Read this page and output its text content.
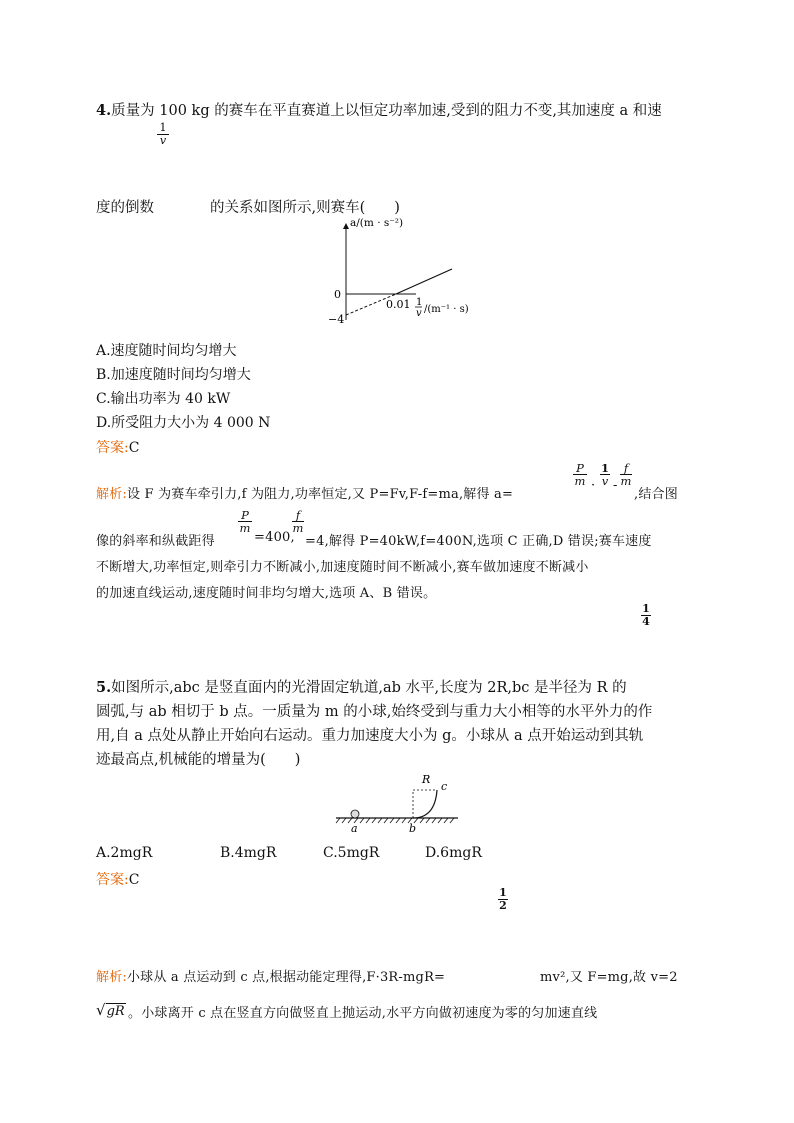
4.质量为 100 kg 的赛车在平直赛道上以恒定功率加速,受到的阻力不变,其加速度 a 和速
$\frac{1}{v}$
度的倒数	的关系如图所示,则赛车(　　)
a/(m · s⁻²)
0
−4
0.01 1
v /(m⁻¹ · s)
A.速度随时间均匀增大
B.加速度随时间均匀增大
C.输出功率为 40 kW
D.所受阻力大小为 4 000 N
答案:C
解析:设 F 为赛车牵引力,f 为阻力,功率恒定,又 P=Fv,F-f=ma,解得 a=
$\frac{P}{m} \cdot \frac{1}{v} - \frac{f}{m}$
,结合图
像的斜率和纵截距得
$\frac{P}{m}$
=400,
$\frac{f}{m}$
=4,解得 P=40kW,f=400N,选项 C 正确,D 错误;赛车速度
不断增大,功率恒定,则牵引力不断减小,加速度随时间不断减小,赛车做加速度不断减小
的加速直线运动,速度随时间非均匀增大,选项 A、B 错误。
$\frac{1}{4}$
5.如图所示,abc 是竖直面内的光滑固定轨道,ab 水平,长度为 2R,bc 是半径为 R 的
圆弧,与 ab 相切于 b 点。一质量为 m 的小球,始终受到与重力大小相等的水平外力的作
用,自 a 点处从静止开始向右运动。重力加速度大小为 g。小球从 a 点开始运动到其轨
迹最高点,机械能的增量为(　　)
R
c
a	b
A.2mgR	B.4mgR	C.5mgR	D.6mgR
答案:C
$\frac{1}{2}$
解析:小球从 a 点运动到 c 点,根据动能定理得,F·3R-mgR=	mv²,又 F=mg,故 v=2
√gR 。小球离开 c 点在竖直方向做竖直上抛运动,水平方向做初速度为零的匀加速直线
